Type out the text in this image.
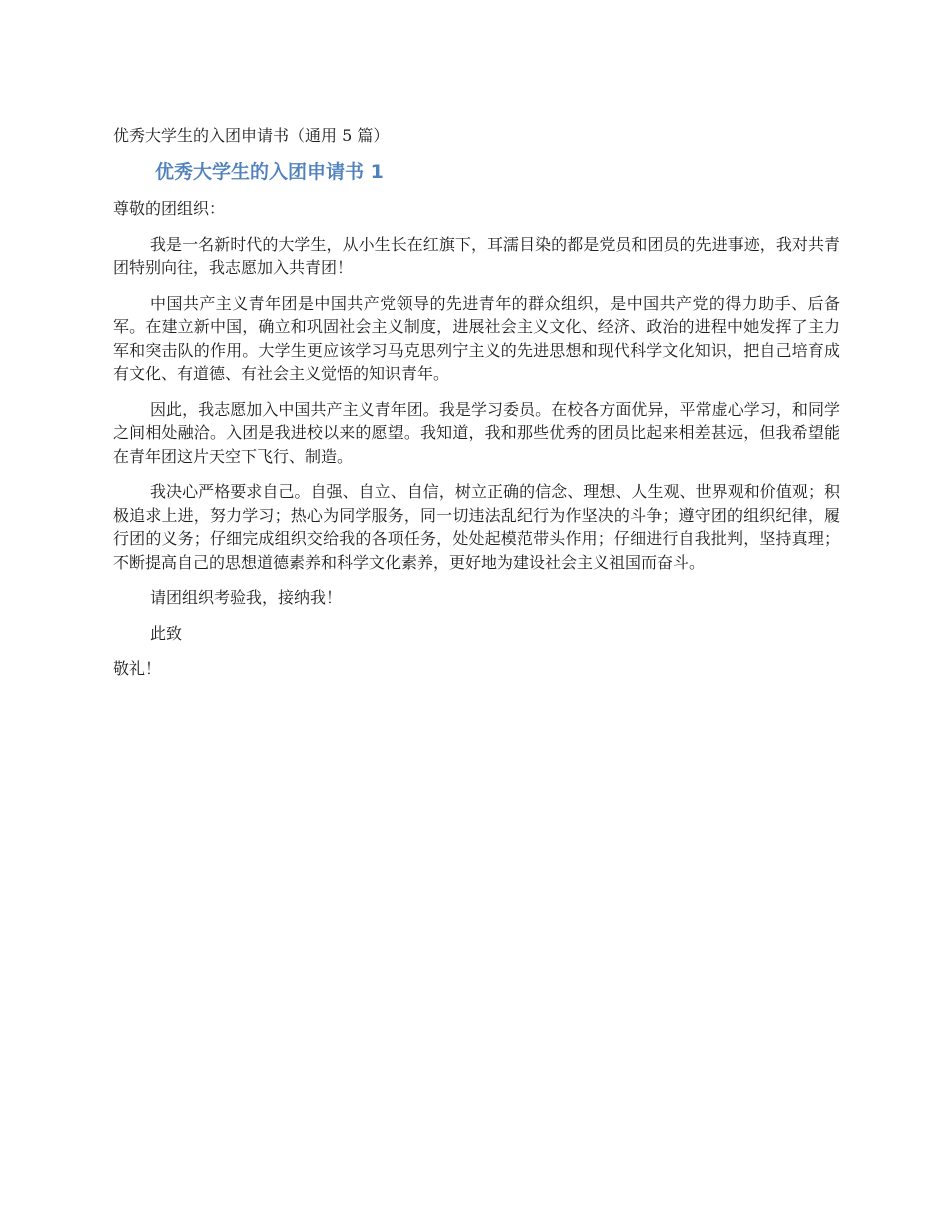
优秀大学生的入团申请书（通用 5 篇）

优秀大学生的入团申请书 1

尊敬的团组织：

我是一名新时代的大学生，从小生长在红旗下，耳濡目染的都是党员和团员的先进事迹，我对共青团特别向往，我志愿加入共青团！

中国共产主义青年团是中国共产党领导的先进青年的群众组织，是中国共产党的得力助手、后备军。在建立新中国，确立和巩固社会主义制度，进展社会主义文化、经济、政治的进程中她发挥了主力军和突击队的作用。大学生更应该学习马克思列宁主义的先进思想和现代科学文化知识，把自己培育成有文化、有道德、有社会主义觉悟的知识青年。

因此，我志愿加入中国共产主义青年团。我是学习委员。在校各方面优异，平常虚心学习，和同学之间相处融洽。入团是我进校以来的愿望。我知道，我和那些优秀的团员比起来相差甚远，但我希望能在青年团这片天空下飞行、制造。

我决心严格要求自己。自强、自立、自信，树立正确的信念、理想、人生观、世界观和价值观；积极追求上进，努力学习；热心为同学服务，同一切违法乱纪行为作坚决的斗争；遵守团的组织纪律，履行团的义务；仔细完成组织交给我的各项任务，处处起模范带头作用；仔细进行自我批判，坚持真理；不断提高自己的思想道德素养和科学文化素养，更好地为建设社会主义祖国而奋斗。

请团组织考验我，接纳我！

此致

敬礼！
